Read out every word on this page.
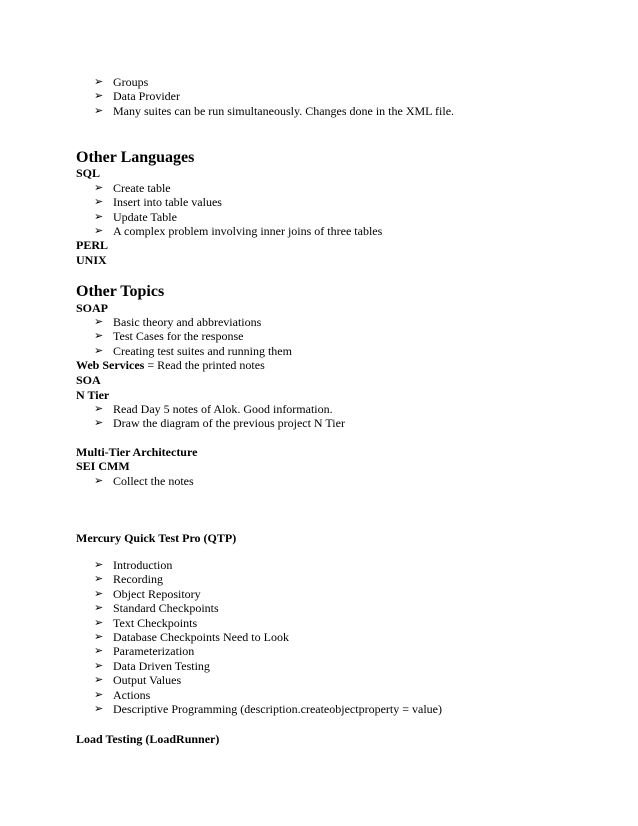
➢ Groups
➢ Data Provider
➢ Many suites can be run simultaneously. Changes done in the XML file.
Other Languages
SQL
➢ Create table
➢ Insert into table values
➢ Update Table
➢ A complex problem involving inner joins of three tables
PERL
UNIX
Other Topics
SOAP
➢ Basic theory and abbreviations
➢ Test Cases for the response
➢ Creating test suites and running them
Web Services = Read the printed notes
SOA
N Tier
➢ Read Day 5 notes of Alok. Good information.
➢ Draw the diagram of the previous project N Tier
Multi-Tier Architecture
SEI CMM
➢ Collect the notes
Mercury Quick Test Pro (QTP)
➢ Introduction
➢ Recording
➢ Object Repository
➢ Standard Checkpoints
➢ Text Checkpoints
➢ Database Checkpoints Need to Look
➢ Parameterization
➢ Data Driven Testing
➢ Output Values
➢ Actions
➢ Descriptive Programming (description.createobjectproperty = value)
Load Testing (LoadRunner)
